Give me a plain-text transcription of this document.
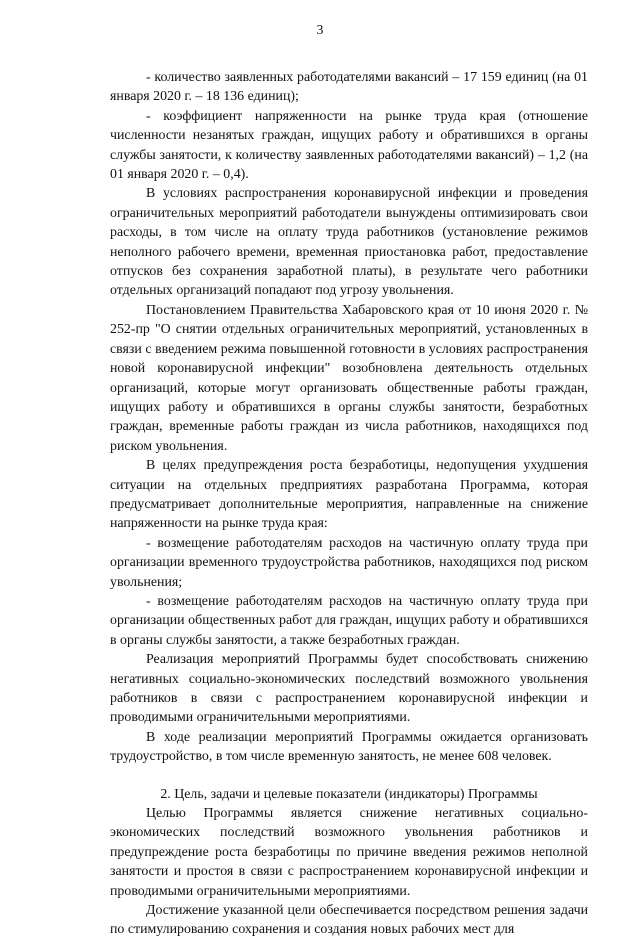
3

- количество заявленных работодателями вакансий – 17 159 единиц (на 01 января 2020 г. – 18 136 единиц);

- коэффициент напряженности на рынке труда края (отношение численности незанятых граждан, ищущих работу и обратившихся в органы службы занятости, к количеству заявленных работодателями вакансий) – 1,2 (на 01 января 2020 г. – 0,4).

В условиях распространения коронавирусной инфекции и проведения ограничительных мероприятий работодатели вынуждены оптимизировать свои расходы, в том числе на оплату труда работников (установление режимов неполного рабочего времени, временная приостановка работ, предоставление отпусков без сохранения заработной платы), в результате чего работники отдельных организаций попадают под угрозу увольнения.

Постановлением Правительства Хабаровского края от 10 июня 2020 г. № 252-пр "О снятии отдельных ограничительных мероприятий, установленных в связи с введением режима повышенной готовности в условиях распространения новой коронавирусной инфекции" возобновлена деятельность отдельных организаций, которые могут организовать общественные работы граждан, ищущих работу и обратившихся в органы службы занятости, безработных граждан, временные работы граждан из числа работников, находящихся под риском увольнения.

В целях предупреждения роста безработицы, недопущения ухудшения ситуации на отдельных предприятиях разработана Программа, которая предусматривает дополнительные мероприятия, направленные на снижение напряженности на рынке труда края:

- возмещение работодателям расходов на частичную оплату труда при организации временного трудоустройства работников, находящихся под риском увольнения;

- возмещение работодателям расходов на частичную оплату труда при организации общественных работ для граждан, ищущих работу и обратившихся в органы службы занятости, а также безработных граждан.

Реализация мероприятий Программы будет способствовать снижению негативных социально-экономических последствий возможного увольнения работников в связи с распространением коронавирусной инфекции и проводимыми ограничительными мероприятиями.

В ходе реализации мероприятий Программы ожидается организовать трудоустройство, в том числе временную занятость, не менее 608 человек.

2. Цель, задачи и целевые показатели (индикаторы) Программы

Целью Программы является снижение негативных социально-экономических последствий возможного увольнения работников и предупреждение роста безработицы по причине введения режимов неполной занятости и простоя в связи с распространением коронавирусной инфекции и проводимыми ограничительными мероприятиями.

Достижение указанной цели обеспечивается посредством решения задачи по стимулированию сохранения и создания новых рабочих мест для
